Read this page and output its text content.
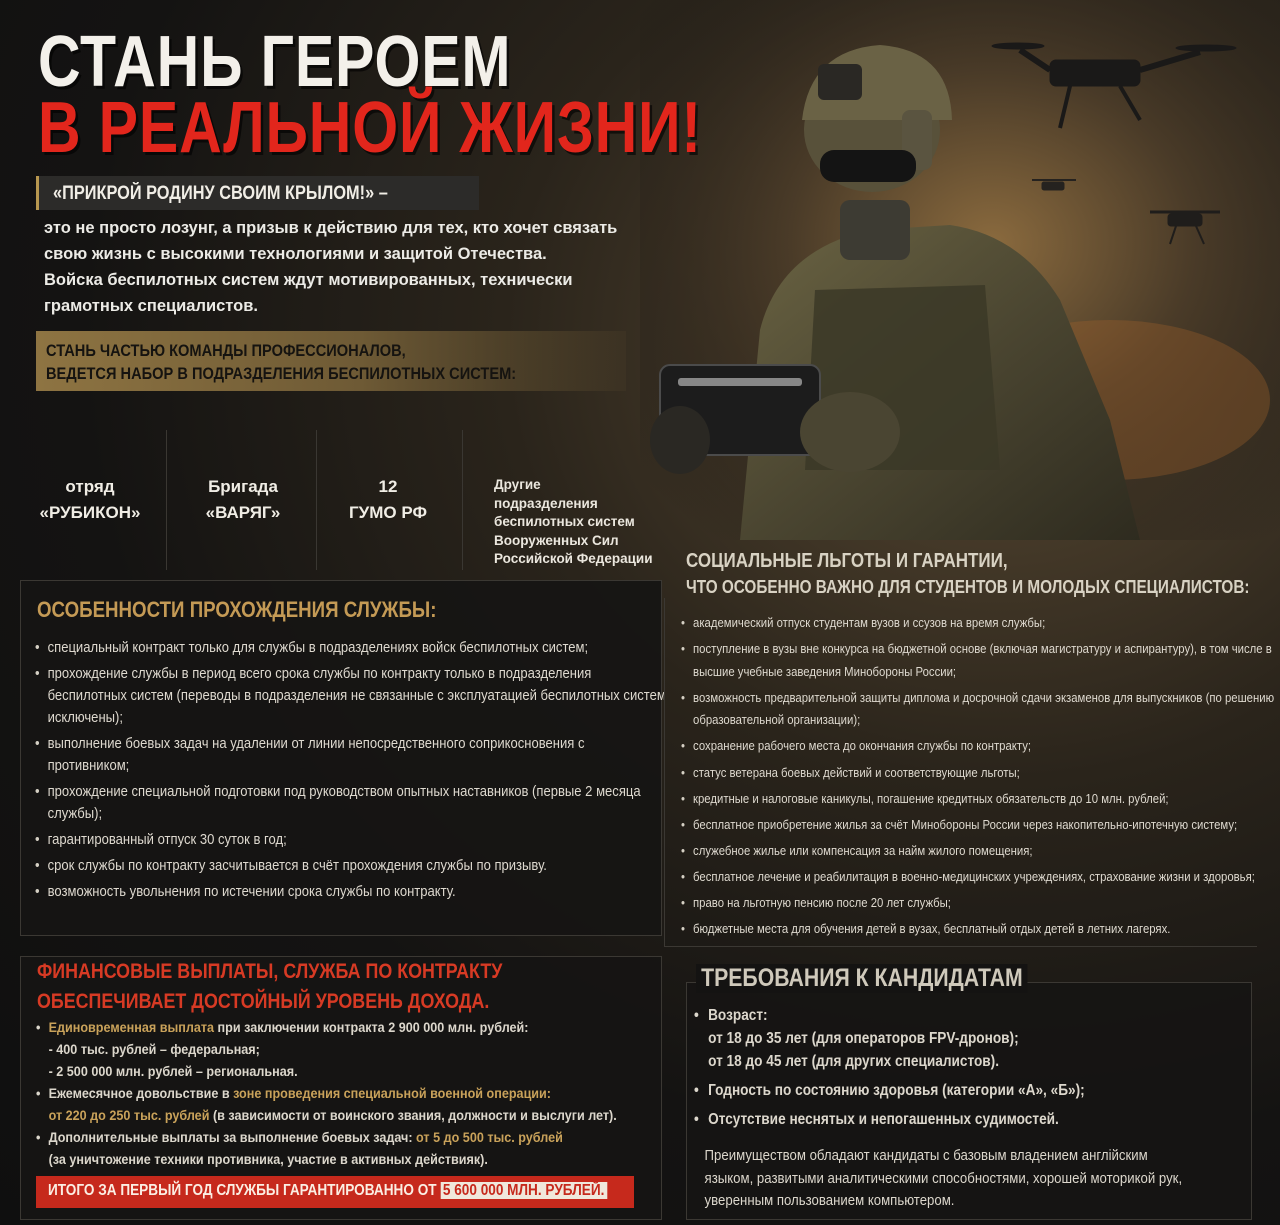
СТАНЬ ГЕРОЕМ
В РЕАЛЬНОЙ ЖИЗНИ!
«ПРИКРОЙ РОДИНУ СВОИМ КРЫЛОМ!» –

это не просто лозунг, а призыв к действию для тех, кто хочет связать

свою жизнь с высокими технологиями и защитой Отечества.

Войска беспилотных систем ждут мотивированных, технически

грамотных специалистов.

СТАНЬ ЧАСТЬЮ КОМАНДЫ ПРОФЕССИОНАЛОВ,
ВЕДЕТСЯ НАБОР В ПОДРАЗДЕЛЕНИЯ БЕСПИЛОТНЫХ СИСТЕМ:
отряд
«РУБИКОН»
Бригада
«ВАРЯГ»
12
ГУМО РФ
Другие
подразделения
беспилотных систем
Вооруженных Сил
Российской Федерации
ОСОБЕННОСТИ ПРОХОЖДЕНИЯ СЛУЖБЫ:
• специальный контракт только для службы в подразделениях войск беспилотных систем;
• прохождение службы в период всего срока службы по контракту только в подразделения беспилотных систем (переводы в подразделения не связанные с эксплуатацией беспилотных систем исключены);
• выполнение боевых задач на удалении от линии непосредственного соприкосновения с противником;
• прохождение специальной подготовки под руководством опытных наставников (первые 2 месяца службы);
• гарантированный отпуск 30 суток в год;
• срок службы по контракту засчитывается в счёт прохождения службы по призыву.
• возможность увольнения по истечении срока службы по контракту.
СОЦИАЛЬНЫЕ ЛЬГОТЫ И ГАРАНТИИ,
ЧТО ОСОБЕННО ВАЖНО ДЛЯ СТУДЕНТОВ И МОЛОДЫХ СПЕЦИАЛИСТОВ:
• академический отпуск студентам вузов и ссузов на время службы;
• поступление в вузы вне конкурса на бюджетной основе (включая магистратуру и аспирантуру), в том числе в высшие учебные заведения Минобороны России;
• возможность предварительной защиты диплома и досрочной сдачи экзаменов для выпускников (по решению образовательной организации);
• сохранение рабочего места до окончания службы по контракту;
• статус ветерана боевых действий и соответствующие льготы;
• кредитные и налоговые каникулы, погашение кредитных обязательств до 10 млн. рублей;
• бесплатное приобретение жилья за счёт Минобороны России через накопительно-ипотечную систему;
• служебное жилье или компенсация за найм жилого помещения;
• бесплатное лечение и реабилитация в военно-медицинских учреждениях, страхование жизни и здоровья;
• право на льготную пенсию после 20 лет службы;
• бюджетные места для обучения детей в вузах, бесплатный отдых детей в летних лагерях.
ФИНАНСОВЫЕ ВЫПЛАТЫ, СЛУЖБА ПО КОНТРАКТУ
ОБЕСПЕЧИВАЕТ ДОСТОЙНЫЙ УРОВЕНЬ ДОХОДА.
• Единовременная выплата при заключении контракта 2 900 000 млн. рублей:
- 400 тыс. рублей – федеральная;
- 2 500 000 млн. рублей – региональная.
• Ежемесячное довольствие в зоне проведения специальной военной операции:
от 220 до 250 тыс. рублей (в зависимости от воинского звания, должности и выслуги лет).
• Дополнительные выплаты за выполнение боевых задач: от 5 до 500 тыс. рублей
(за уничтожение техники противника, участие в активных действияк).
ИТОГО ЗА ПЕРВЫЙ ГОД СЛУЖБЫ ГАРАНТИРОВАННО ОТ 5 600 000 МЛН. РУБЛЕЙ.
ТРЕБОВАНИЯ К КАНДИДАТАМ
• Возраст:
от 18 до 35 лет (для операторов FPV-дронов);
от 18 до 45 лет (для других специалистов).
• Годность по состоянию здоровья (категории «А», «Б»);
• Отсутствие неснятых и непогашенных судимостей.
Преимуществом обладают кандидаты с базовым владением англійским
языком, развитыми аналитическими способностями, хорошей моторикой рук,
уверенным пользованием компьютером.
